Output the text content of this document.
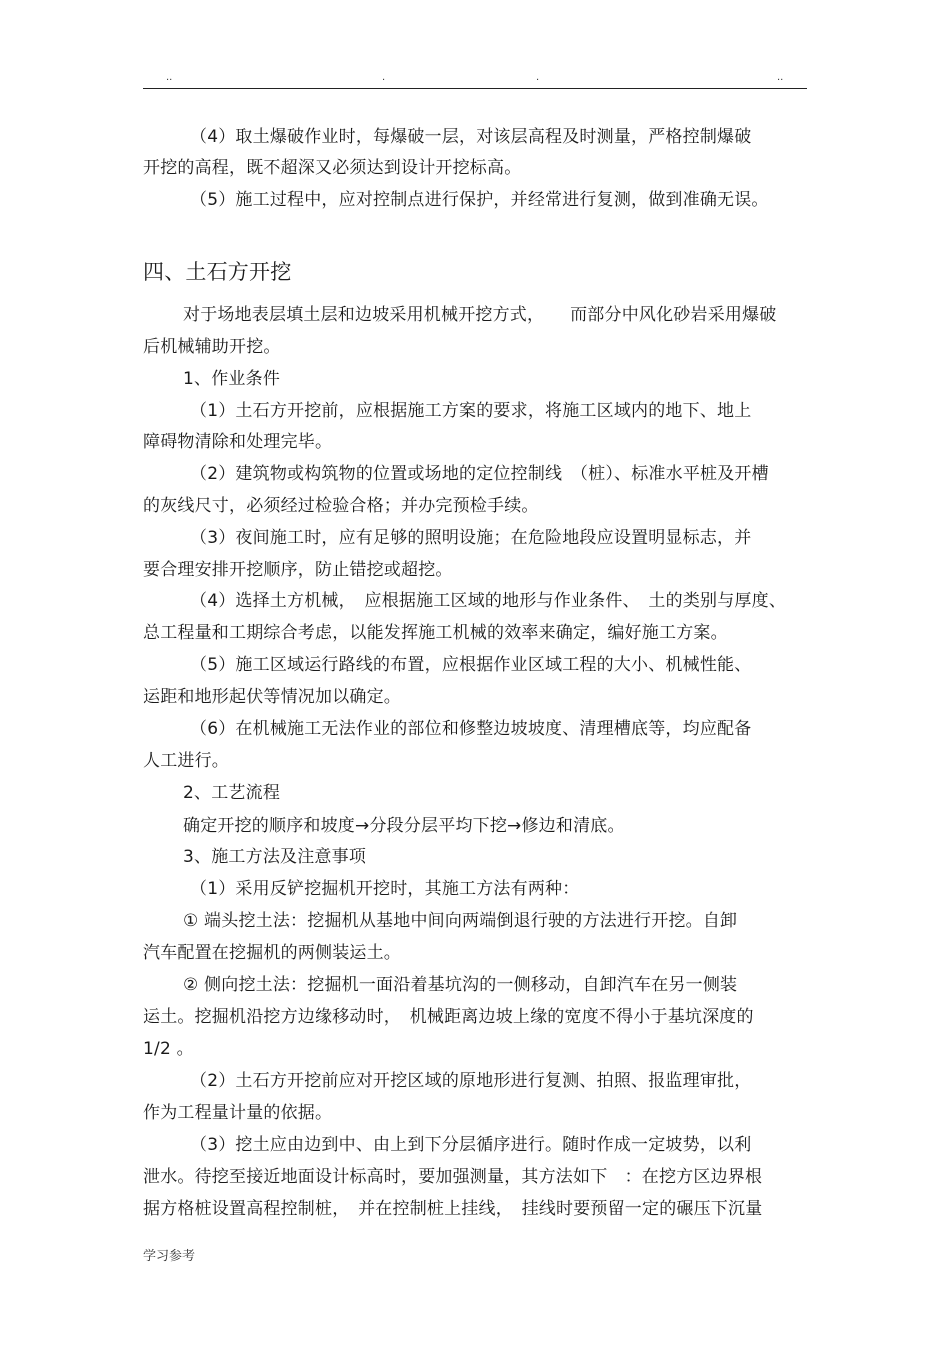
..	.	.	..
（4）取土爆破作业时，每爆破一层，对该层高程及时测量，严格控制爆破
开挖的高程，既不超深又必须达到设计开挖标高。
（5）施工过程中，应对控制点进行保护，并经常进行复测，做到准确无误。
四、土石方开挖
对于场地表层填土层和边坡采用机械开挖方式，　　而部分中风化砂岩采用爆破
后机械辅助开挖。
1、作业条件
（1）土石方开挖前，应根据施工方案的要求，将施工区域内的地下、地上
障碍物清除和处理完毕。
（2）建筑物或构筑物的位置或场地的定位控制线　（桩）、标准水平桩及开槽
的灰线尺寸，必须经过检验合格；并办完预检手续。
（3）夜间施工时，应有足够的照明设施；在危险地段应设置明显标志，并
要合理安排开挖顺序，防止错挖或超挖。
（4）选择土方机械，　应根据施工区域的地形与作业条件、　土的类别与厚度、
总工程量和工期综合考虑，以能发挥施工机械的效率来确定，编好施工方案。
（5）施工区域运行路线的布置，应根据作业区域工程的大小、机械性能、
运距和地形起伏等情况加以确定。
（6）在机械施工无法作业的部位和修整边坡坡度、清理槽底等，均应配备
人工进行。
2、工艺流程
确定开挖的顺序和坡度→分段分层平均下挖→修边和清底。
3、施工方法及注意事项
（1）采用反铲挖掘机开挖时，其施工方法有两种：
① 端头挖土法：挖掘机从基地中间向两端倒退行驶的方法进行开挖。自卸
汽车配置在挖掘机的两侧装运土。
② 侧向挖土法：挖掘机一面沿着基坑沟的一侧移动，自卸汽车在另一侧装
运土。挖掘机沿挖方边缘移动时，　机械距离边坡上缘的宽度不得小于基坑深度的
1/2 。
（2）土石方开挖前应对开挖区域的原地形进行复测、拍照、报监理审批，
作为工程量计量的依据。
（3）挖土应由边到中、由上到下分层循序进行。随时作成一定坡势，以利
泄水。待挖至接近地面设计标高时，要加强测量，其方法如下　：在挖方区边界根
据方格桩设置高程控制桩，　并在控制桩上挂线，　挂线时要预留一定的碾压下沉量
学习参考
